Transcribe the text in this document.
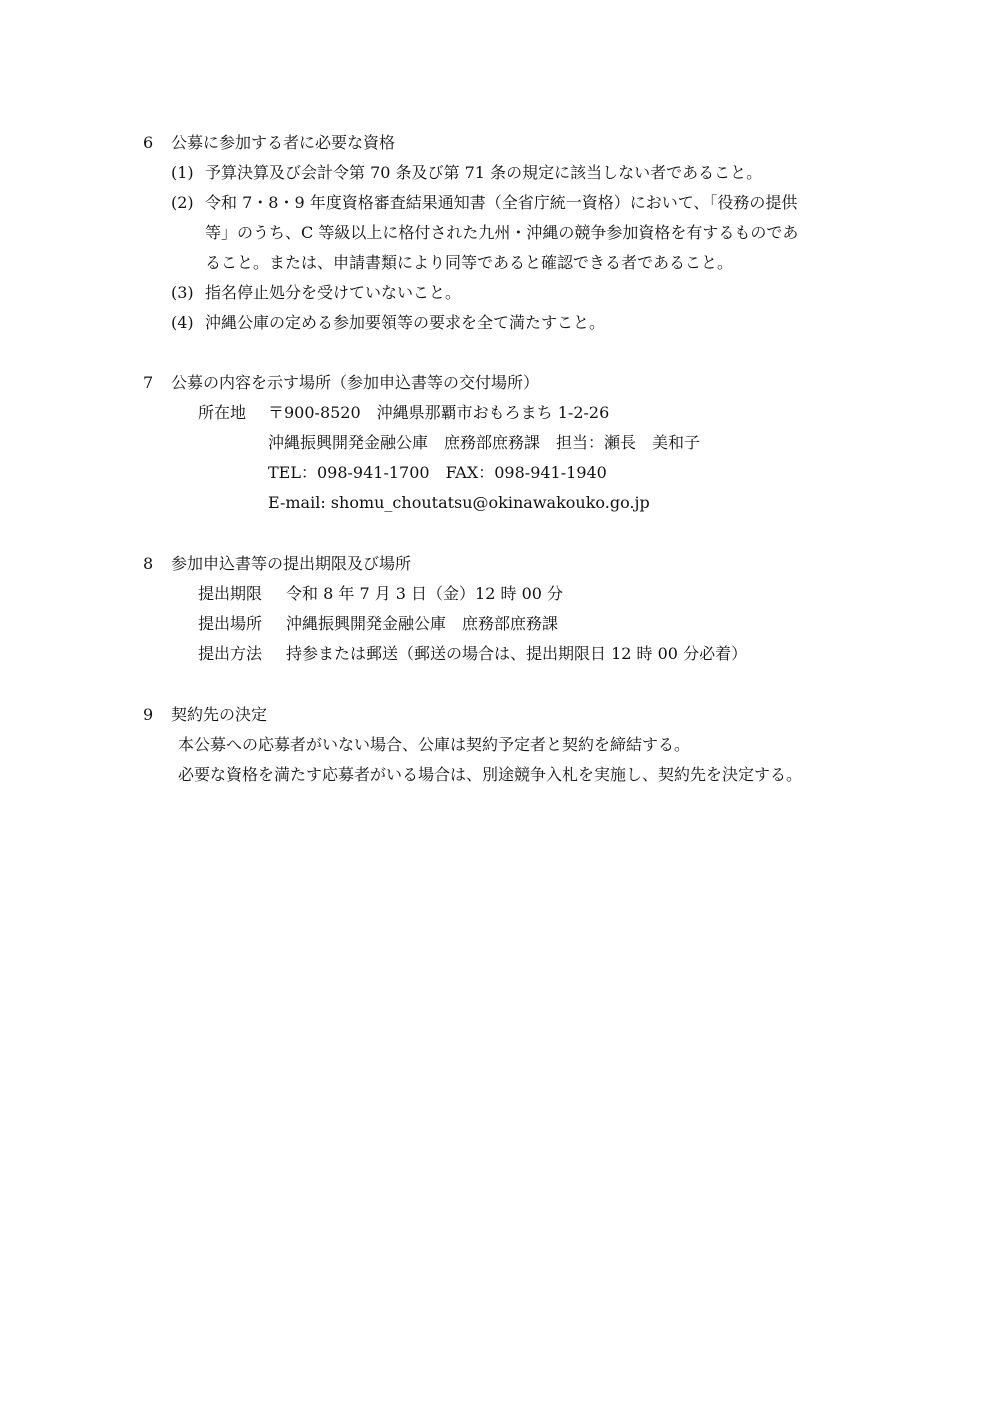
6 公募に参加する者に必要な資格
(1) 予算決算及び会計令第 70 条及び第 71 条の規定に該当しない者であること。
(2) 令和 7・8・9 年度資格審査結果通知書（全省庁統一資格）において、「役務の提供
等」のうち、C 等級以上に格付された九州・沖縄の競争参加資格を有するものであ
ること。または、申請書類により同等であると確認できる者であること。
(3) 指名停止処分を受けていないこと。
(4) 沖縄公庫の定める参加要領等の要求を全て満たすこと。
7 公募の内容を示す場所（参加申込書等の交付場所）
所在地 〒900-8520　沖縄県那覇市おもろまち 1-2-26
沖縄振興開発金融公庫　庶務部庶務課　担当：瀬長　美和子
TEL：098-941-1700　FAX：098-941-1940
E-mail: shomu_choutatsu@okinawakouko.go.jp
8 参加申込書等の提出期限及び場所
提出期限 令和 8 年 7 月 3 日（金）12 時 00 分
提出場所 沖縄振興開発金融公庫　庶務部庶務課
提出方法 持参または郵送（郵送の場合は、提出期限日 12 時 00 分必着）
9 契約先の決定
本公募への応募者がいない場合、公庫は契約予定者と契約を締結する。
必要な資格を満たす応募者がいる場合は、別途競争入札を実施し、契約先を決定する。
